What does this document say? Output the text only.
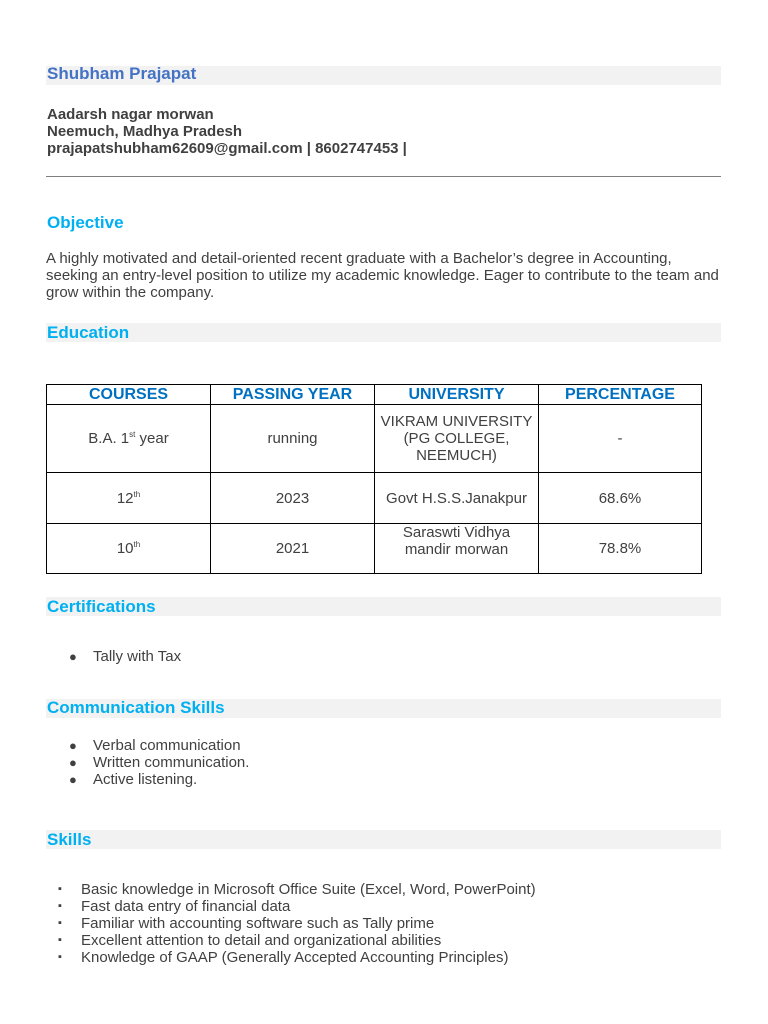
Shubham Prajapat
Aadarsh nagar morwan
Neemuch, Madhya Pradesh
prajapatshubham62609@gmail.com | 8602747453 |
Objective
A highly motivated and detail-oriented recent graduate with a Bachelor’s degree in Accounting, seeking an entry-level position to utilize my academic knowledge. Eager to contribute to the team and grow within the company.
Education
COURSES	PASSING YEAR	UNIVERSITY	PERCENTAGE
B.A. 1st year	running	VIKRAM UNIVERSITY (PG COLLEGE, NEEMUCH)	-
12th	2023	Govt H.S.S.Janakpur	68.6%
10th	2021	Saraswti Vidhya mandir morwan	78.8%
Certifications
● Tally with Tax
Communication Skills
● Verbal communication
● Written communication.
● Active listening.
Skills
▪ Basic knowledge in Microsoft Office Suite (Excel, Word, PowerPoint)
▪ Fast data entry of financial data
▪ Familiar with accounting software such as Tally prime
▪ Excellent attention to detail and organizational abilities
▪ Knowledge of GAAP (Generally Accepted Accounting Principles)
